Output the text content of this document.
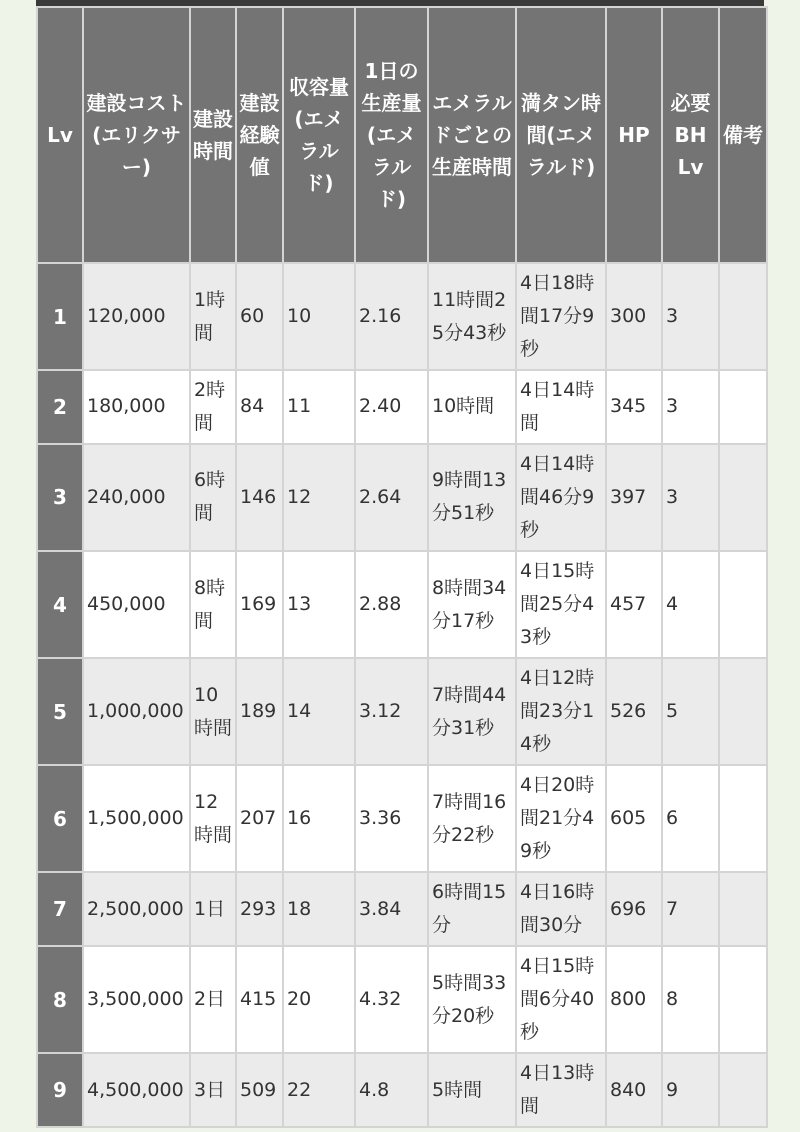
Lv	建設コスト(エリクサー)	建設時間	建設経験値	収容量(エメラルド)	1日の生産量(エメラルド)	エメラルドごとの生産時間	満タン時間(エメラルド)	HP	必要BH Lv	備考
1	120,000	1時間	60	10	2.16	11時間25分43秒	4日18時間17分9秒	300	3	
2	180,000	2時間	84	11	2.40	10時間	4日14時間	345	3	
3	240,000	6時間	146	12	2.64	9時間13分51秒	4日14時間46分9秒	397	3	
4	450,000	8時間	169	13	2.88	8時間34分17秒	4日15時間25分43秒	457	4	
5	1,000,000	10時間	189	14	3.12	7時間44分31秒	4日12時間23分14秒	526	5	
6	1,500,000	12時間	207	16	3.36	7時間16分22秒	4日20時間21分49秒	605	6	
7	2,500,000	1日	293	18	3.84	6時間15分	4日16時間30分	696	7	
8	3,500,000	2日	415	20	4.32	5時間33分20秒	4日15時間6分40秒	800	8	
9	4,500,000	3日	509	22	4.8	5時間	4日13時間	840	9	
